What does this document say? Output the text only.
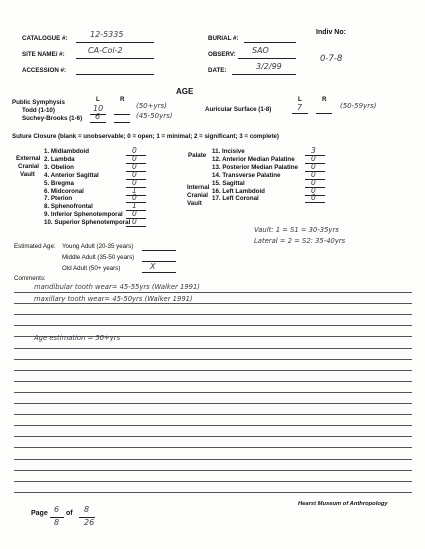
CATALOGUE #:	12-5335	BURIAL #:
Indiv No:
0-7-8
SITE NAME/ #:	CA-Col-2	OBSERV: SAO
ACCESSION #:	DATE:	3/2/99
AGE
L	R	L	R
Public Symphysis
Todd (1-10)	10	(50+yrs)
Suchey-Brooks (1-6) 6	(45-50yrs)
Auricular Surface (1-8)	7	(50-59yrs)
Suture Closure (blank = unobservable; 0 = open; 1 = minimal; 2 = significant; 3 = complete)
External
Cranial
Vault
1. Midlambdoid	0
2. Lambda	0
3. Obelion	0
4. Anterior Sagittal	0
5. Bregma	0
6. Midcoronal	1
7. Pterion	0
8. Sphenofrontal	1
9. Inferior Sphenotemporal 0
10. Superior Sphenotemporal 0
Palate
Internal
Cranial
Vault
11. Incisive	3
12. Anterior Median Palatine 0
13. Posterior Median Palatine 0
14. Transverse Palatine	0
15. Sagittal	0
16. Left Lambdoid	0
17. Left Coronal	0
Vault: 1 = S1 = 30-35yrs
Lateral = 2 = S2: 35-40yrs
Estimated Age: Young Adult (20-35 years)
Middle Adult (35-50 years)
Old Adult (50+ years)	X
Comments:
mandibular tooth wear= 45-55yrs (Walker 1991)
maxillary tooth wear= 45-50yrs (Walker 1991)
Age estimation = 50+yrs
Hearst Museum of Anthropology
Page 6 of 8
8	26
